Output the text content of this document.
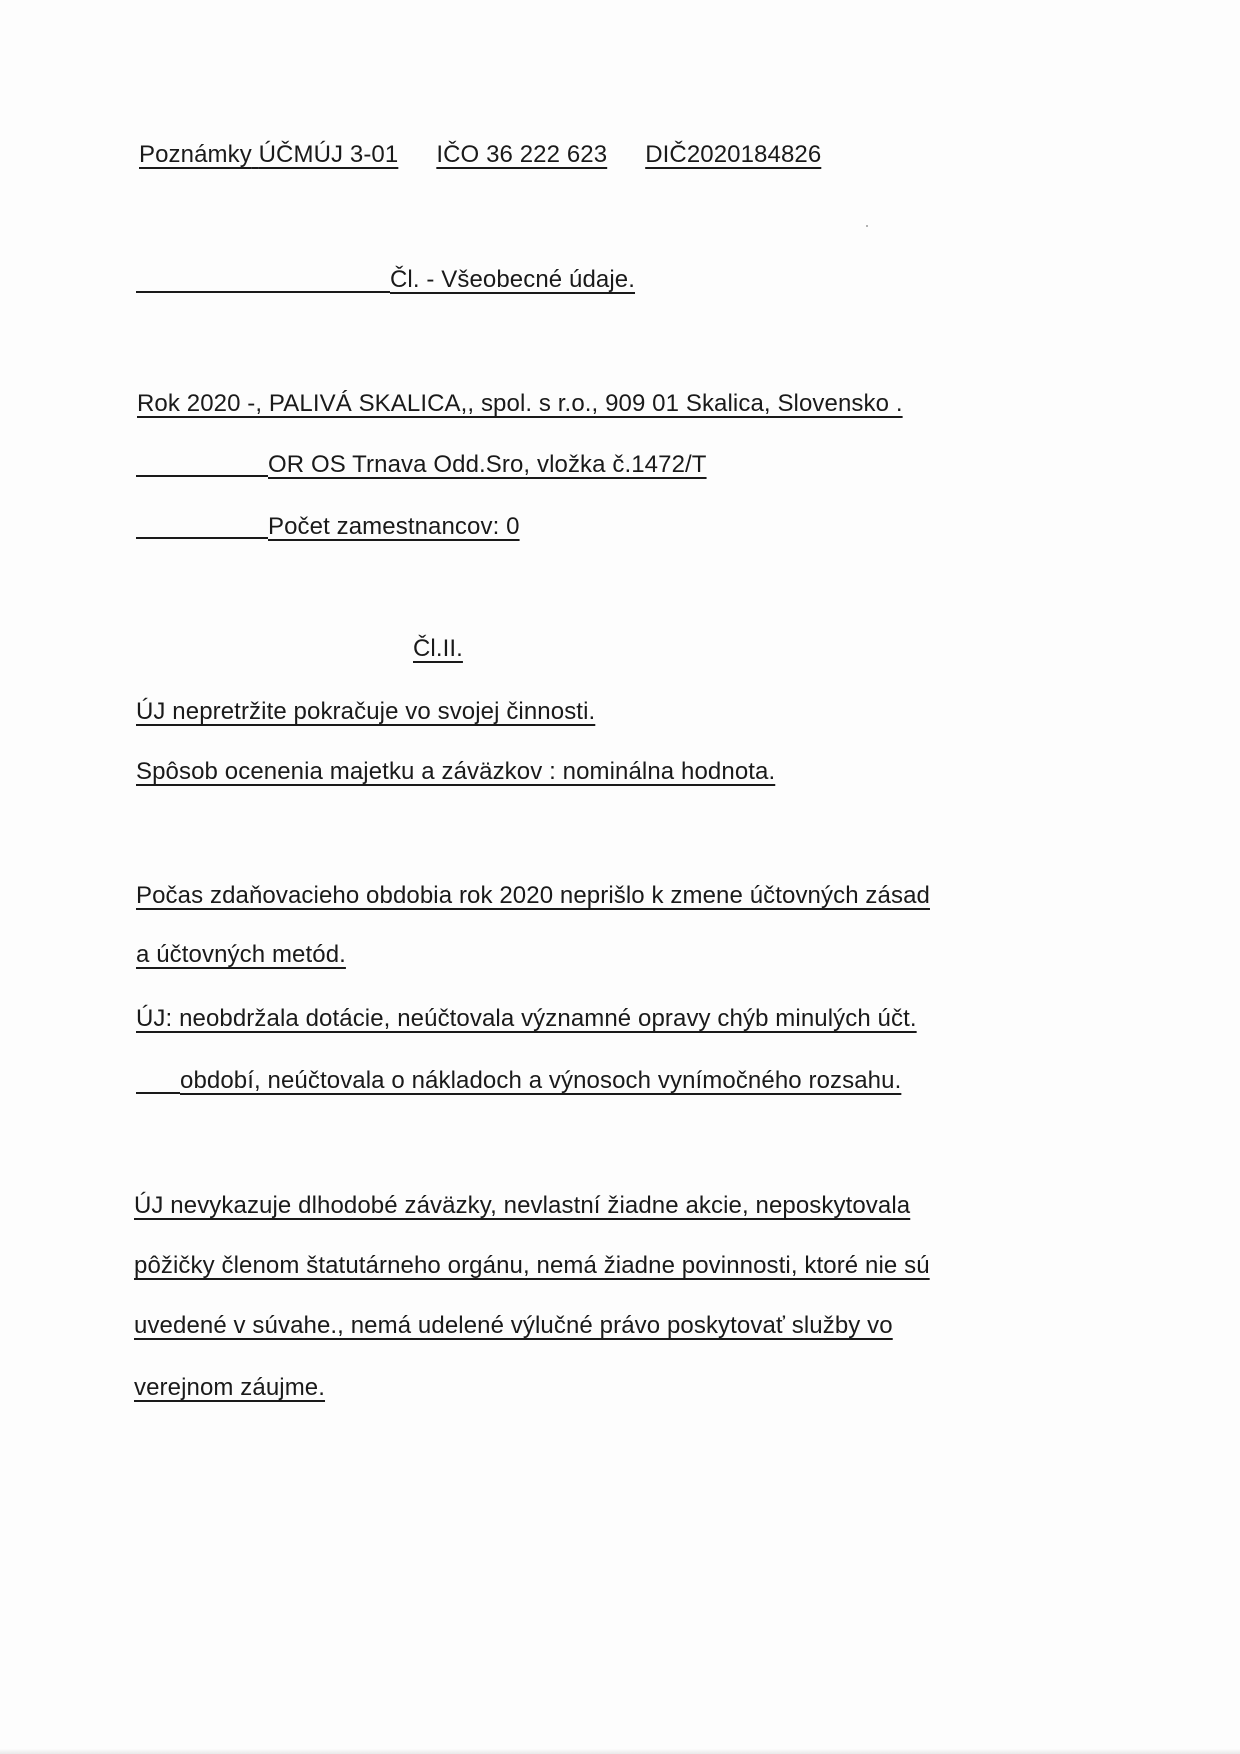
Poznámky ÚČMÚJ 3-01 IČO 36 222 623 DIČ2020184826
Čl. - Všeobecné údaje.
Rok 2020 -, PALIVÁ SKALICA,, spol. s r.o., 909 01 Skalica, Slovensko .
OR OS Trnava Odd.Sro, vložka č.1472/T
Počet zamestnancov: 0
Čl.II.
ÚJ nepretržite pokračuje vo svojej činnosti.
Spôsob ocenenia majetku a záväzkov : nominálna hodnota.
Počas zdaňovacieho obdobia rok 2020 neprišlo k zmene účtovných zásad
a účtovných metód.
ÚJ: neobdržala dotácie, neúčtovala významné opravy chýb minulých účt.
období, neúčtovala o nákladoch a výnosoch vynímočného rozsahu.
ÚJ nevykazuje dlhodobé záväzky, nevlastní žiadne akcie, neposkytovala
pôžičky členom štatutárneho orgánu, nemá žiadne povinnosti, ktoré nie sú
uvedené v súvahe., nemá udelené výlučné právo poskytovať služby vo
verejnom záujme.
